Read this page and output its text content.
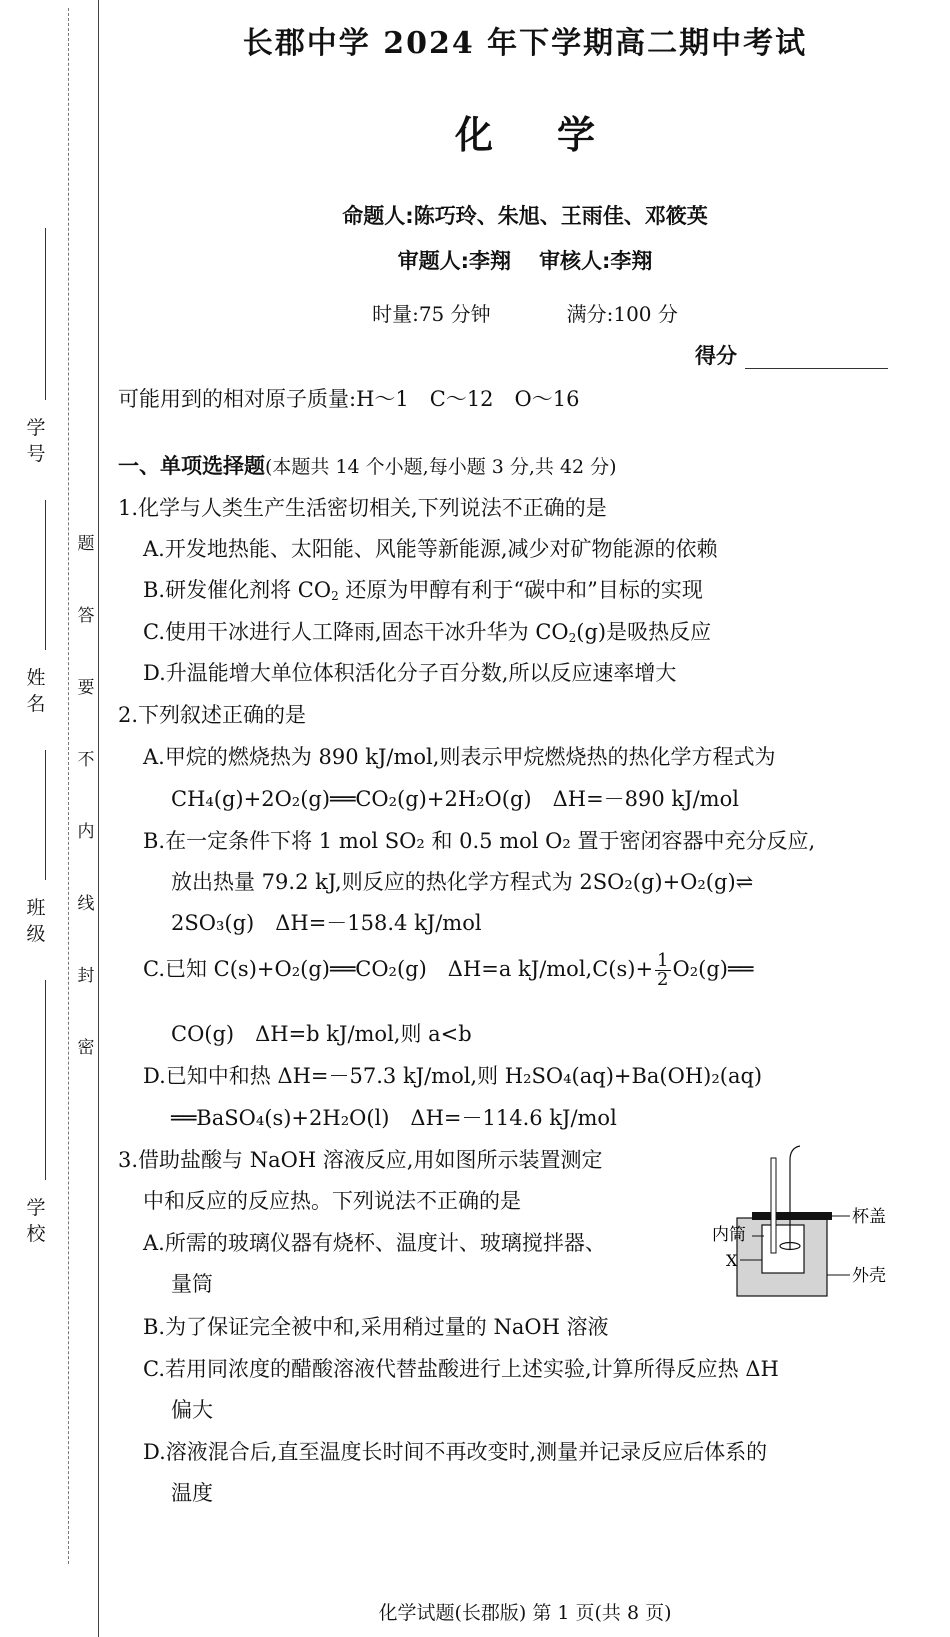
学号
姓名
班级
学校
题
答
要
不
内
线
封
密
长郡中学 2024 年下学期高二期中考试
化 学
命题人:陈巧玲、朱旭、王雨佳、邓筱英
审题人:李翔 审核人:李翔
时量:75 分钟	满分:100 分
得分
可能用到的相对原子质量:H～1　C～12　O～16
一、单项选择题(本题共 14 个小题,每小题 3 分,共 42 分)
1.化学与人类生产生活密切相关,下列说法不正确的是
A.开发地热能、太阳能、风能等新能源,减少对矿物能源的依赖
B.研发催化剂将 $CO_2$ 还原为甲醇有利于“碳中和”目标的实现
C.使用干冰进行人工降雨,固态干冰升华为 $CO_2(g)$是吸热反应
D.升温能增大单位体积活化分子百分数,所以反应速率增大
2.下列叙述正确的是
A.甲烷的燃烧热为 890 kJ/mol,则表示甲烷燃烧热的热化学方程式为
CH₄(g)+2O₂(g)══CO₂(g)+2H₂O(g)　ΔH=－890 kJ/mol
B.在一定条件下将 1 mol SO₂ 和 0.5 mol O₂ 置于密闭容器中充分反应,
放出热量 79.2 kJ,则反应的热化学方程式为 2SO₂(g)+O₂(g)⇌
2SO₃(g)　ΔH=－158.4 kJ/mol
C.已知 C(s)+O₂(g)══CO₂(g)　ΔH=a $kJ/mol,C(s)+ \frac{1}{2}$ O₂(g)══
CO(g)　ΔH=b kJ/mol,则 a<b
D.已知中和热 ΔH=－57.3 kJ/mol,则 H₂SO₄(aq)+Ba(OH)₂(aq)
══BaSO₄(s)+2H₂O(l)　ΔH=－114.6 kJ/mol
3.借助盐酸与 NaOH 溶液反应,用如图所示装置测定
中和反应的反应热。下列说法不正确的是
A.所需的玻璃仪器有烧杯、温度计、玻璃搅拌器、
量筒
B.为了保证完全被中和,采用稍过量的 NaOH 溶液
C.若用同浓度的醋酸溶液代替盐酸进行上述实验,计算所得反应热 ΔH
偏大
D.溶液混合后,直至温度长时间不再改变时,测量并记录反应后体系的
温度
杯盖
内筒
X
外壳
化学试题(长郡版) 第 1 页(共 8 页)
